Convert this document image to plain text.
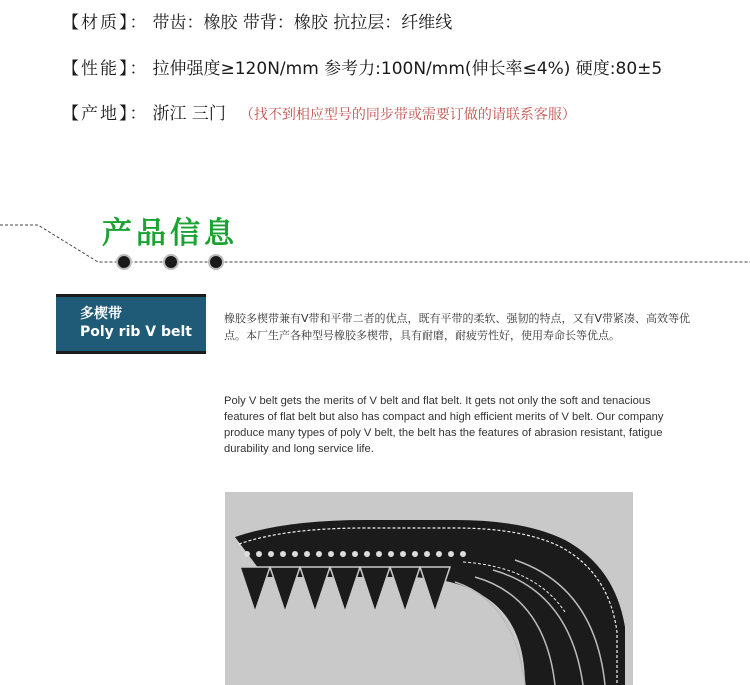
【材质】： 带齿：橡胶 带背：橡胶 抗拉层：纤维线
【性能】： 拉伸强度≥120N/mm 参考力:100N/mm(伸长率≤4%) 硬度:80±5
【产地】： 浙江 三门 （找不到相应型号的同步带或需要订做的请联系客服）
产品信息
多楔带
Poly rib V belt
橡胶多楔带兼有V带和平带二者的优点，既有平带的柔软、强韧的特点，又有V带紧凑、高效等优点。本厂生产各种型号橡胶多楔带，具有耐磨，耐疲劳性好，使用寿命长等优点。
Poly V belt gets the merits of V belt and flat belt. It gets not only the soft and tenacious features of flat belt but also has compact and high efficient merits of V belt. Our company produce many types of poly V belt, the belt has the features of abrasion resistant, fatigue durability and long service life.
